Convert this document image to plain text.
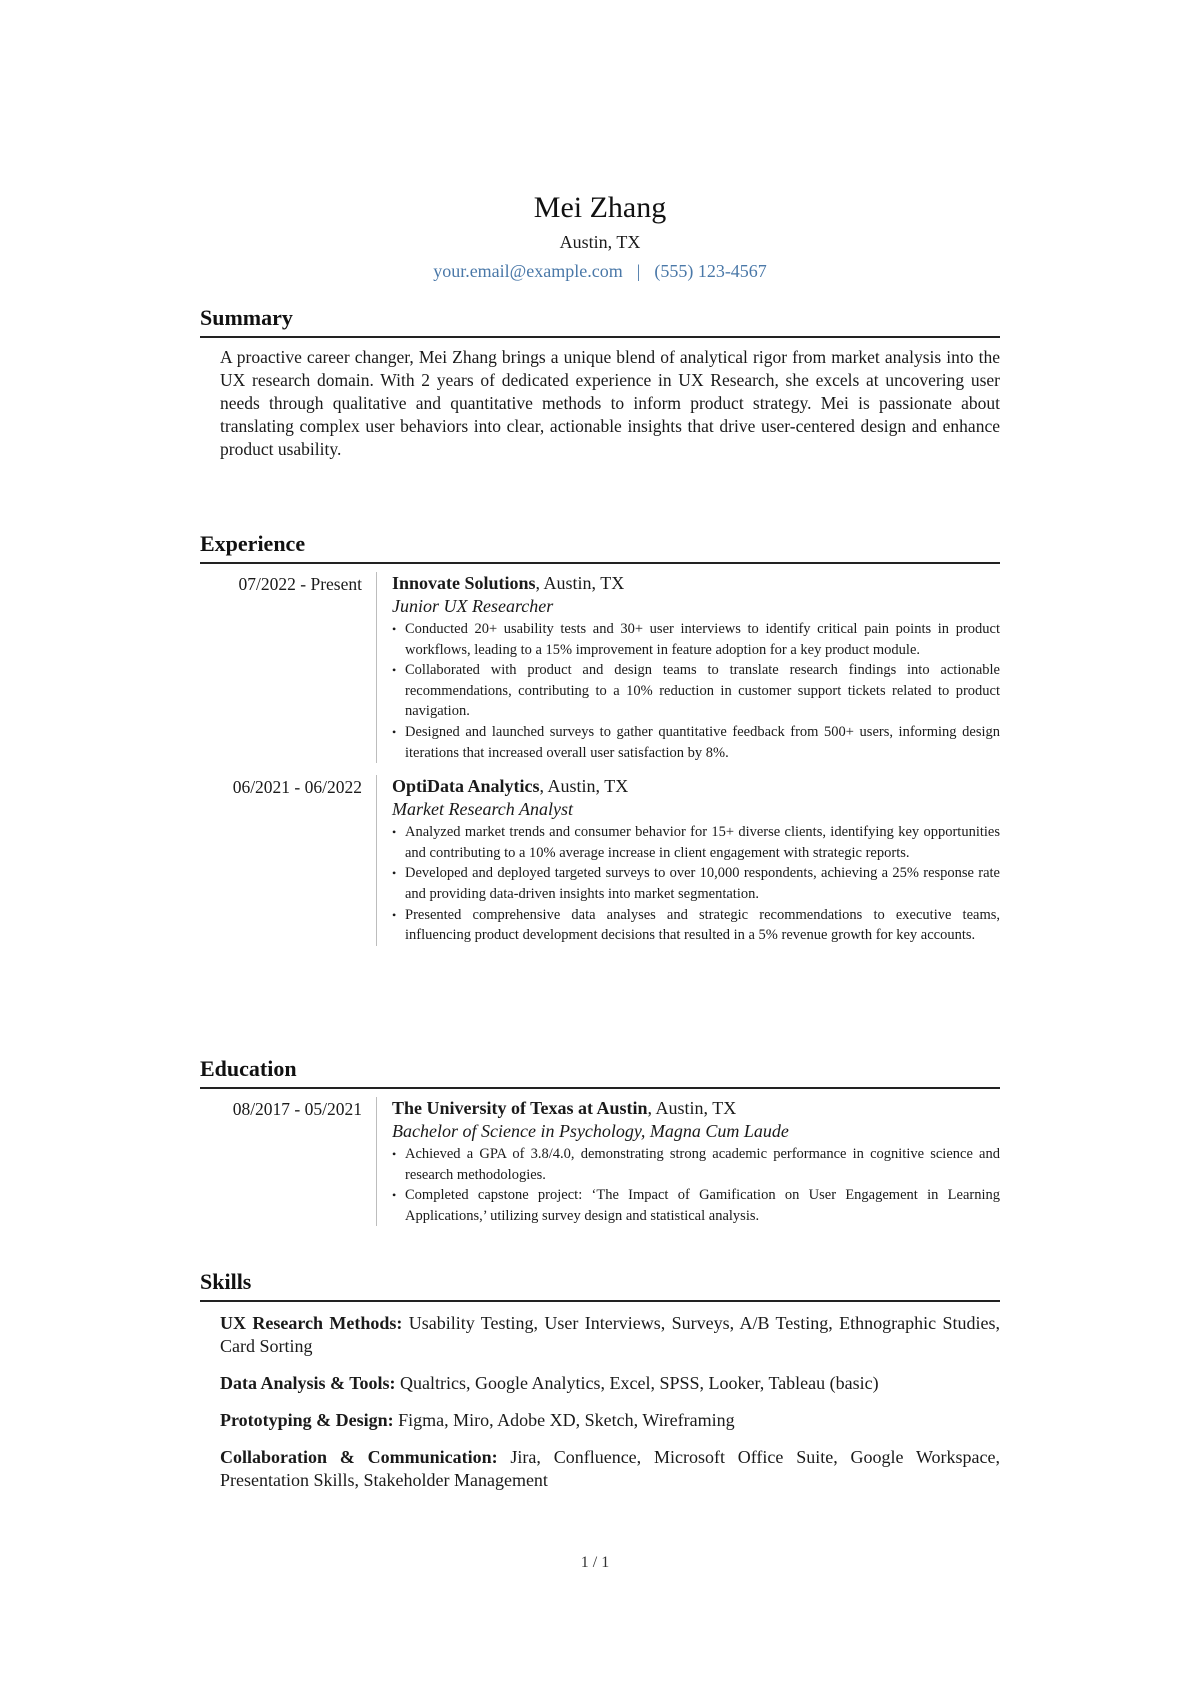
Mei Zhang
Austin, TX
your.email@example.com | (555) 123-4567
Summary

A proactive career changer, Mei Zhang brings a unique blend of analytical rigor from market analysis into the UX research domain. With 2 years of dedicated experience in UX Research, she excels at uncovering user needs through qualitative and quantitative methods to inform product strategy. Mei is passionate about translating complex user behaviors into clear, actionable insights that drive user-centered design and enhance product usability.

Experience
07/2022 - Present	Innovate Solutions, Austin, TX
Junior UX Researcher
• Conducted 20+ usability tests and 30+ user interviews to identify critical pain points in product workflows, leading to a 15% improvement in feature adoption for a key product module.
• Collaborated with product and design teams to translate research findings into actionable recommendations, contributing to a 10% reduction in customer support tickets related to product navigation.
• Designed and launched surveys to gather quantitative feedback from 500+ users, informing design iterations that increased overall user satisfaction by 8%.
06/2021 - 06/2022	OptiData Analytics, Austin, TX
Market Research Analyst
• Analyzed market trends and consumer behavior for 15+ diverse clients, identifying key opportunities and contributing to a 10% average increase in client engagement with strategic reports.
• Developed and deployed targeted surveys to over 10,000 respondents, achieving a 25% response rate and providing data-driven insights into market segmentation.
• Presented comprehensive data analyses and strategic recommendations to executive teams, influencing product development decisions that resulted in a 5% revenue growth for key accounts.
Education
08/2017 - 05/2021	The University of Texas at Austin, Austin, TX
Bachelor of Science in Psychology, Magna Cum Laude
• Achieved a GPA of 3.8/4.0, demonstrating strong academic performance in cognitive science and research methodologies.
• Completed capstone project: ‘The Impact of Gamification on User Engagement in Learning Applications,’ utilizing survey design and statistical analysis.
Skills

UX Research Methods: Usability Testing, User Interviews, Surveys, A/B Testing, Ethnographic Studies, Card Sorting

Data Analysis & Tools: Qualtrics, Google Analytics, Excel, SPSS, Looker, Tableau (basic)

Prototyping & Design: Figma, Miro, Adobe XD, Sketch, Wireframing

Collaboration & Communication: Jira, Confluence, Microsoft Office Suite, Google Workspace, Presentation Skills, Stakeholder Management

1 / 1
